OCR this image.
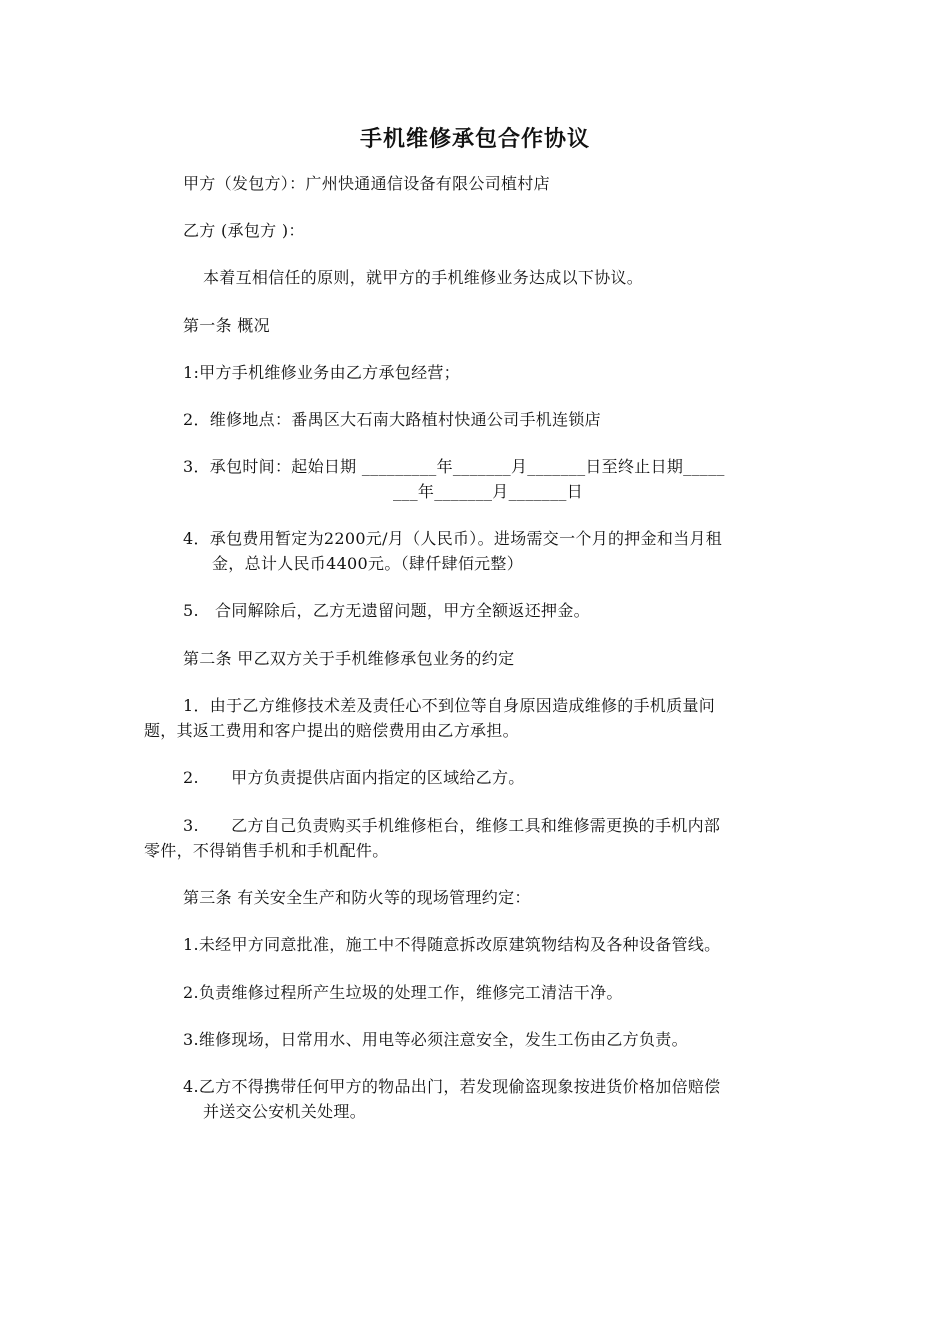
手机维修承包合作协议
甲方（发包方）：广州快通通信设备有限公司植村店
乙方 (承包方 )：
本着互相信任的原则，就甲方的手机维修业务达成以下协议。
第一条 概况
1:甲方手机维修业务由乙方承包经营；
2．维修地点：番禺区大石南大路植村快通公司手机连锁店
3．承包时间：起始日期 _________年_______月_______日至终止日期_____
___年_______月_______日
4．承包费用暂定为2200元/月（人民币）。进场需交一个月的押金和当月租
金，总计人民币4400元。（肆仟肆佰元整）
5.   合同解除后，乙方无遗留问题，甲方全额返还押金。
第二条 甲乙双方关于手机维修承包业务的约定
1．由于乙方维修技术差及责任心不到位等自身原因造成维修的手机质量问
题，其返工费用和客户提出的赔偿费用由乙方承担。
2.      甲方负责提供店面内指定的区域给乙方。
3.      乙方自己负责购买手机维修柜台，维修工具和维修需更换的手机内部
零件，不得销售手机和手机配件。
第三条 有关安全生产和防火等的现场管理约定：
1.未经甲方同意批准，施工中不得随意拆改原建筑物结构及各种设备管线。
2.负责维修过程所产生垃圾的处理工作，维修完工清洁干净。
3.维修现场，日常用水、用电等必须注意安全，发生工伤由乙方负责。
4.乙方不得携带任何甲方的物品出门，若发现偷盗现象按进货价格加倍赔偿
并送交公安机关处理。
